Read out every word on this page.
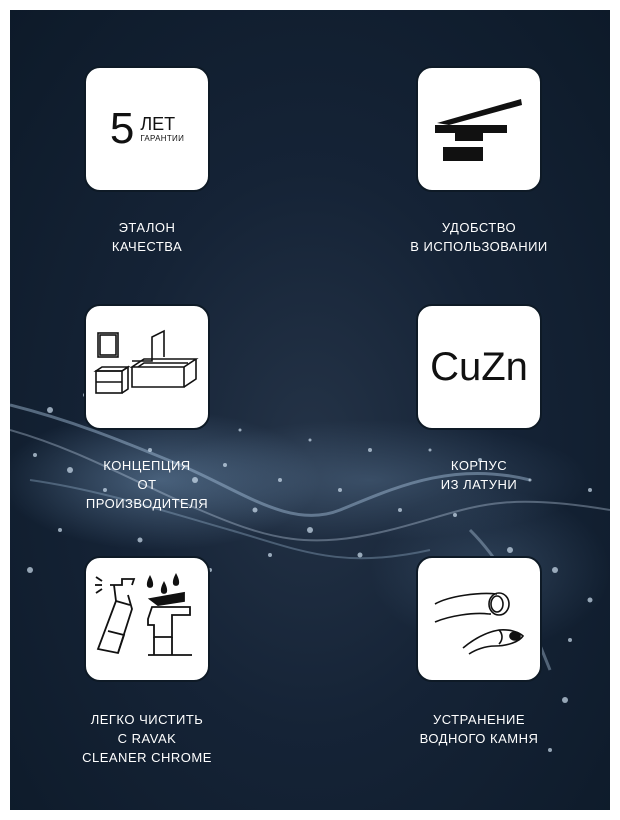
5 ЛЕТ
ГАРАНТИИ
ЭТАЛОН
КАЧЕСТВА
УДОБСТВО
В ИСПОЛЬЗОВАНИИ
КОНЦЕПЦИЯ
ОТ
ПРОИЗВОДИТЕЛЯ
CuZn
КОРПУС
ИЗ ЛАТУНИ
ЛЕГКО ЧИСТИТЬ
С RAVAK
CLEANER CHROME
УСТРАНЕНИЕ
ВОДНОГО КАМНЯ
